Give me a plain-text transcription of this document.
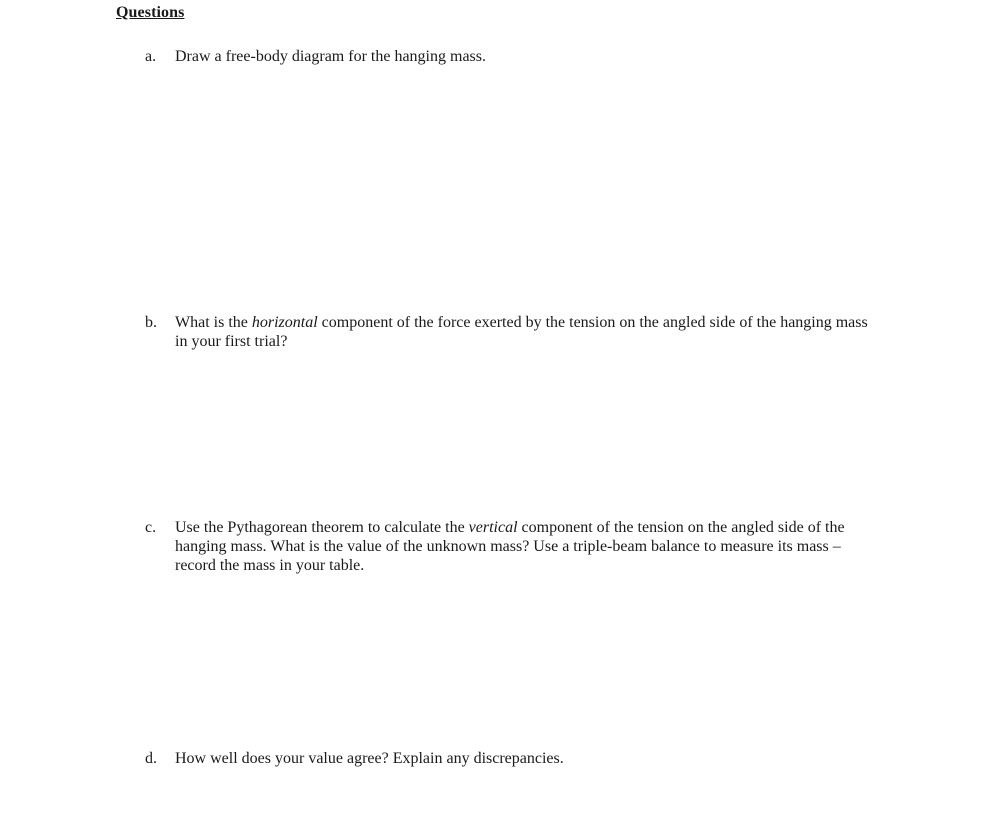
Questions
a.	Draw a free-body diagram for the hanging mass.
b.	What is the horizontal component of the force exerted by the tension on the angled side of the hanging mass in your first trial?
c.	Use the Pythagorean theorem to calculate the vertical component of the tension on the angled side of the hanging mass. What is the value of the unknown mass? Use a triple-beam balance to measure its mass – record the mass in your table.
d.	How well does your value agree? Explain any discrepancies.
